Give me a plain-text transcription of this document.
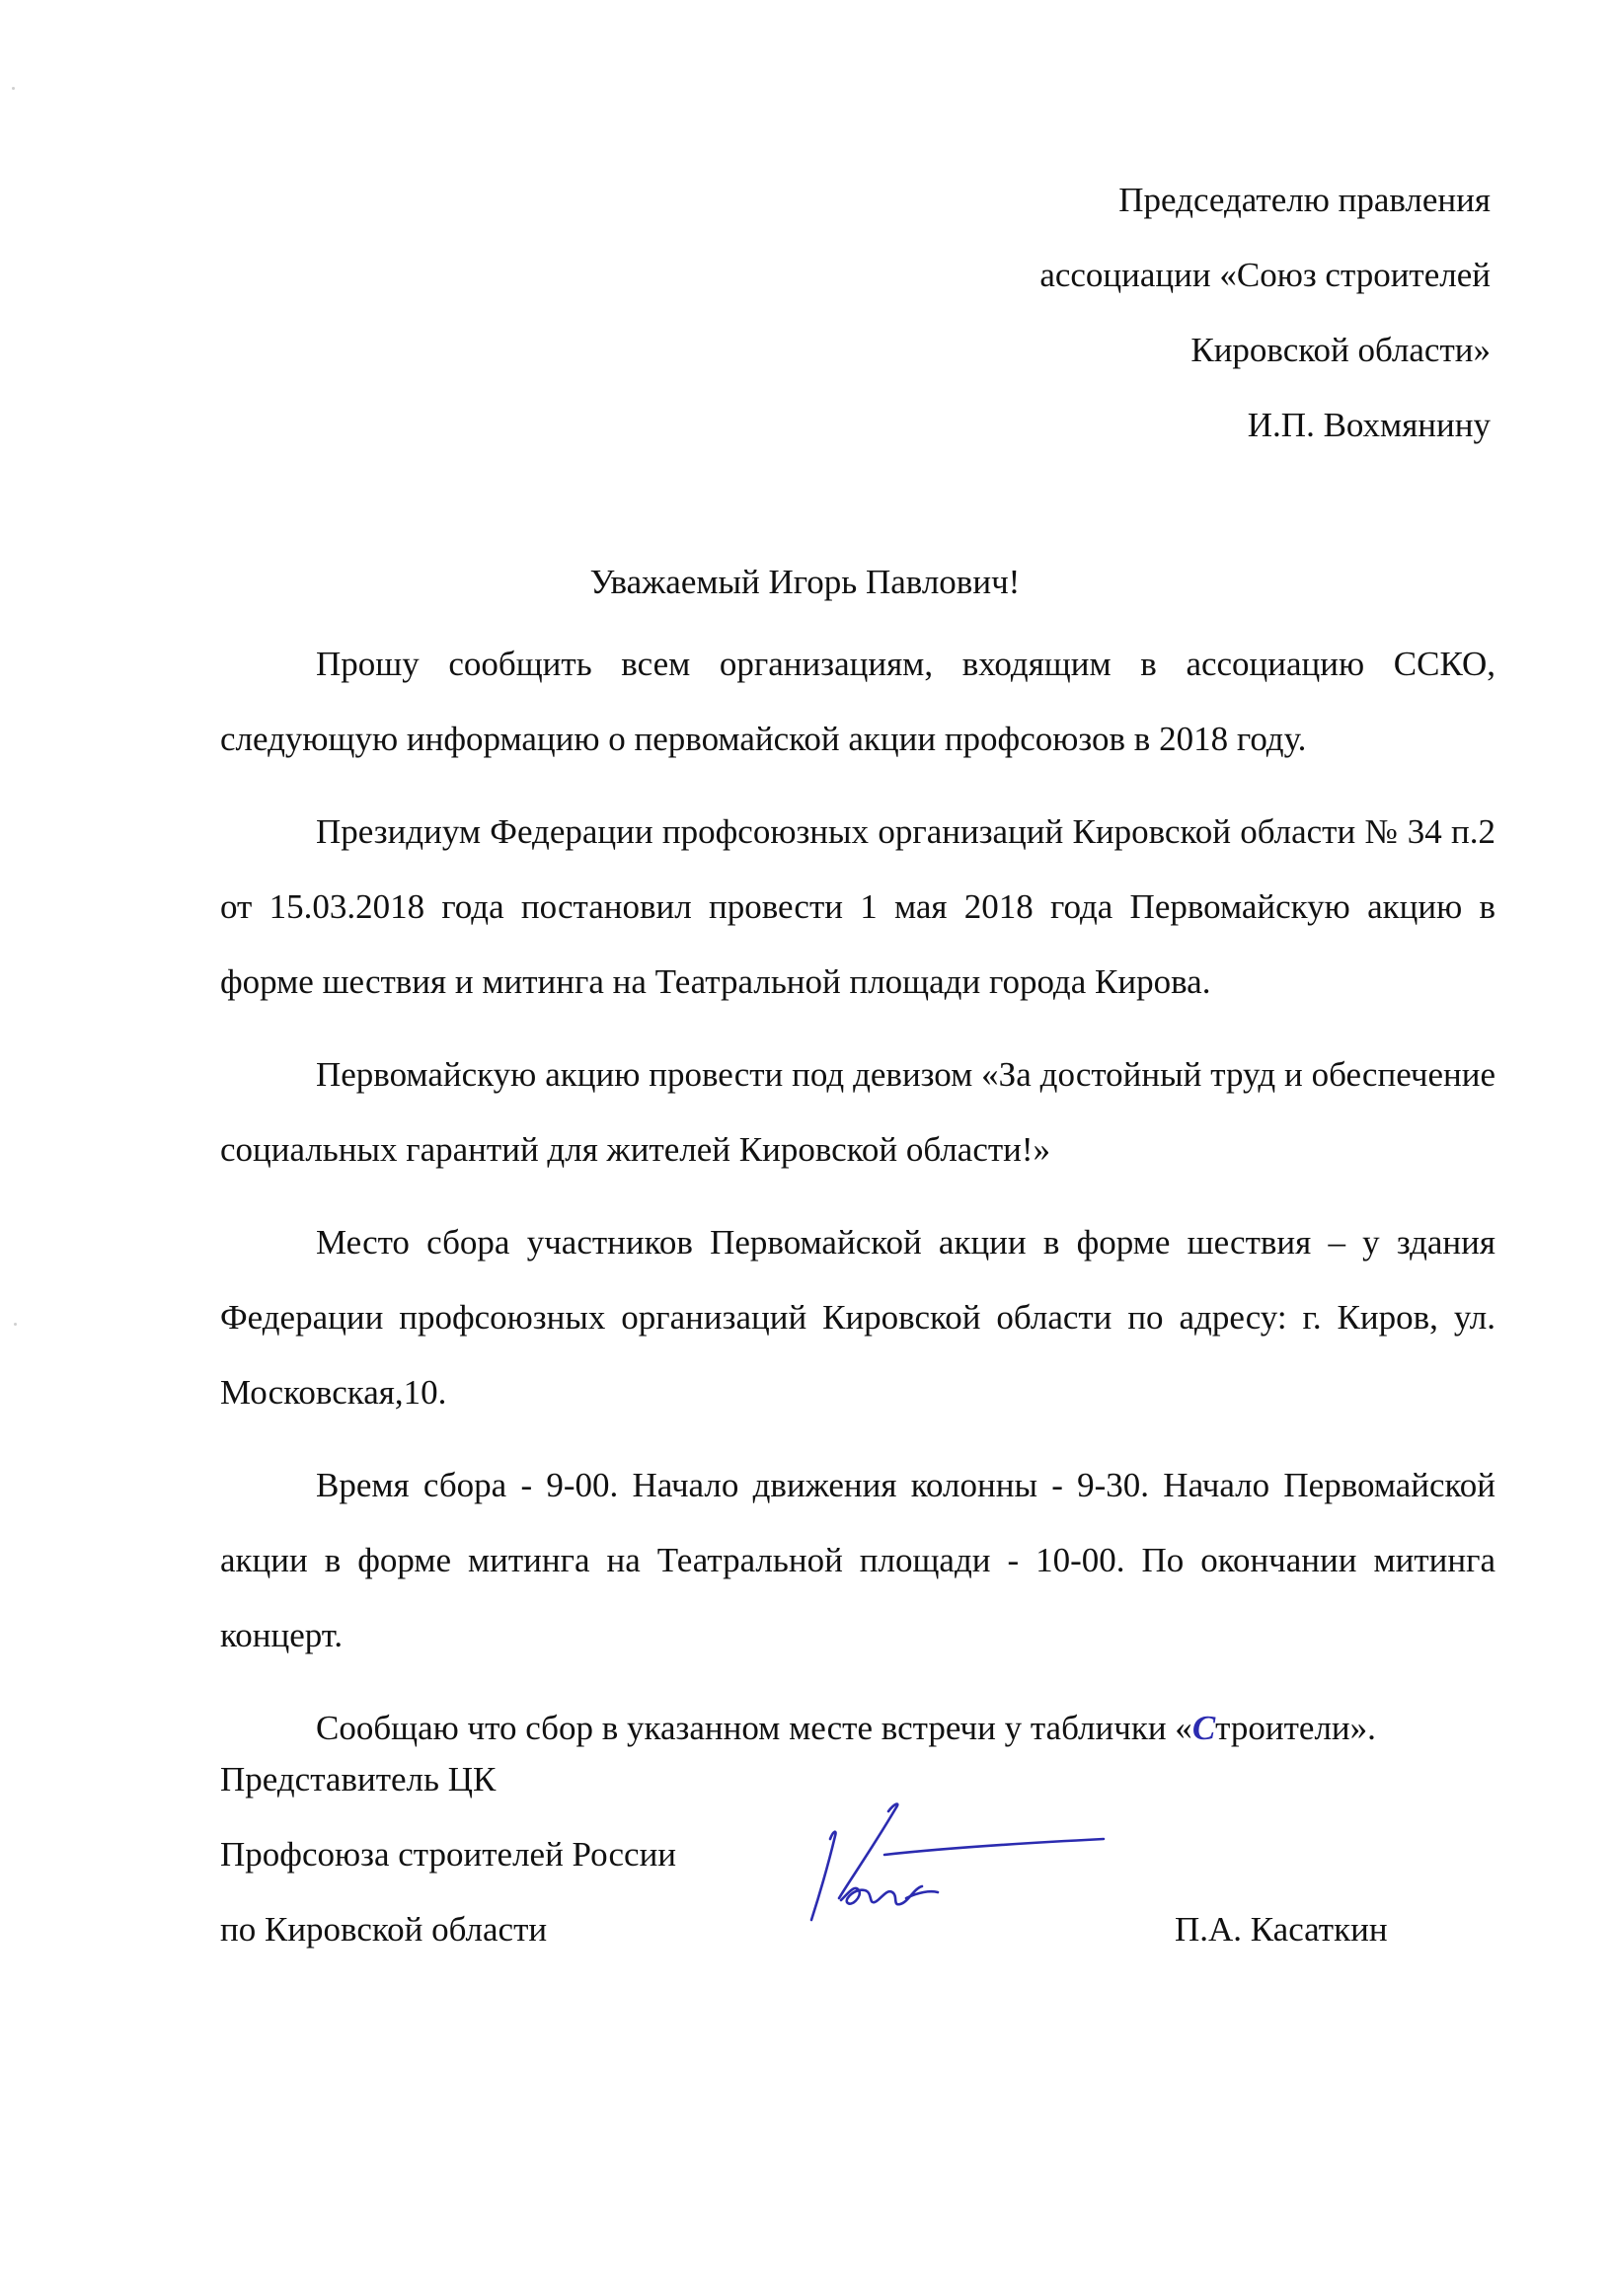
Председателю правления
ассоциации «Союз строителей
Кировской области»
И.П. Вохмянину
Уважаемый Игорь Павлович!

Прошу сообщить всем организациям, входящим в ассоциацию ССКО, следующую информацию о первомайской акции профсоюзов в 2018 году.

Президиум Федерации профсоюзных организаций Кировской области № 34 п.2 от 15.03.2018 года постановил провести 1 мая 2018 года Первомайскую акцию в форме шествия и митинга на Театральной площади города Кирова.

Первомайскую акцию провести под девизом «За достойный труд и обеспечение социальных гарантий для жителей Кировской области!»

Место сбора участников Первомайской акции в форме шествия – у здания Федерации профсоюзных организаций Кировской области по адресу: г. Киров, ул. Московская,10.

Время сбора - 9-00. Начало движения колонны - 9-30. Начало Первомайской акции в форме митинга на Театральной площади - 10-00. По окончании митинга концерт.

Сообщаю что сбор в указанном месте встречи у таблички «Строители».

Представитель ЦК
Профсоюза строителей России
по Кировской области	П.А. Касаткин
